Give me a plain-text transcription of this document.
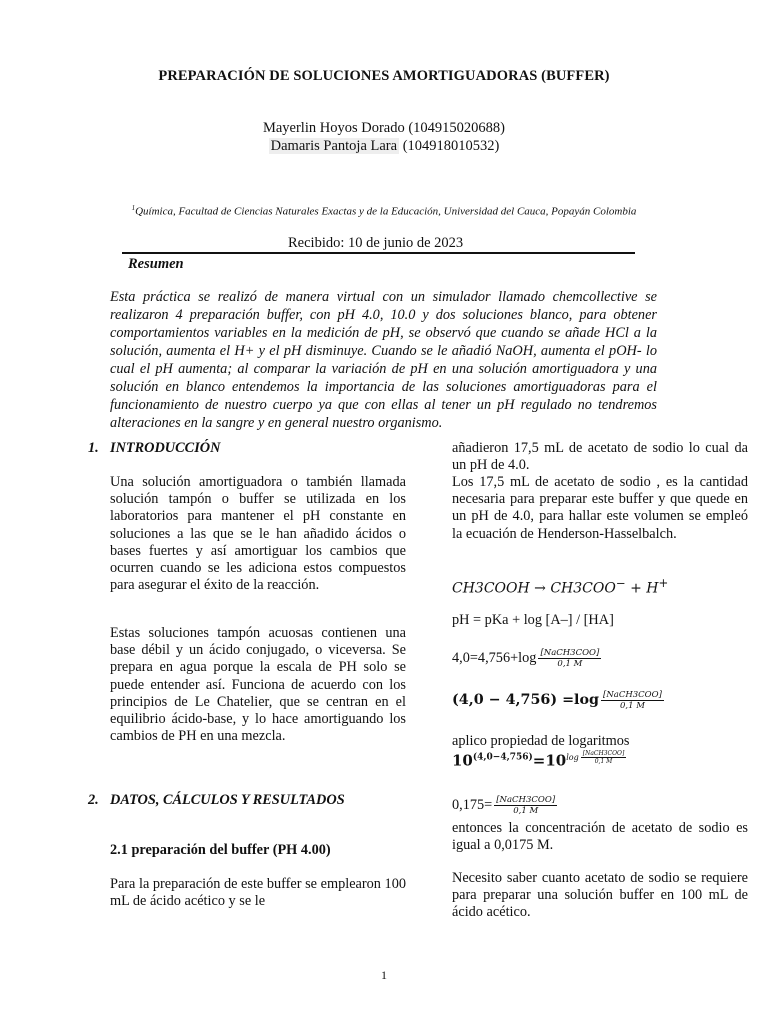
PREPARACIÓN DE SOLUCIONES AMORTIGUADORAS (BUFFER)
Mayerlin Hoyos Dorado (104915020688)
Damaris Pantoja Lara (104918010532)
$^1$Química, Facultad de Ciencias Naturales Exactas y de la Educación, Universidad del Cauca, Popayán Colombia
Recibido: 10 de junio de 2023
Resumen
Esta práctica se realizó de manera virtual con un simulador llamado chemcollective se realizaron 4 preparación buffer, con pH 4.0, 10.0 y dos soluciones blanco, para obtener comportamientos variables en la medición de pH, se observó que cuando se añade HCl a la solución, aumenta el H+ y el pH disminuye. Cuando se le añadió NaOH, aumenta el pOH- lo cual el pH aumenta; al comparar la variación de pH en una solución amortiguadora y una solución en blanco entendemos la importancia de las soluciones amortiguadoras para el funcionamiento de nuestro cuerpo ya que con ellas al tener un pH regulado no tendremos alteraciones en la sangre y en general nuestro organismo.
1. INTRODUCCIÓN
Una solución amortiguadora o también llamada solución tampón o buffer se utilizada en los laboratorios para mantener el pH constante en soluciones a las que se le han añadido ácidos o bases fuertes y así amortiguar los cambios que ocurren cuando se les adiciona estos compuestos para asegurar el éxito de la reacción.
Estas soluciones tampón acuosas contienen una base débil y un ácido conjugado, o viceversa. Se prepara en agua porque la escala de PH solo se puede entender así. Funciona de acuerdo con los principios de Le Chatelier, que se centran en el equilibrio ácido-base, y lo hace amortiguando los cambios de PH en una mezcla.
2. DATOS, CÁLCULOS Y RESULTADOS
2.1 preparación del buffer (PH 4.00)
Para la preparación de este buffer se emplearon 100 mL de ácido acético y se le
añadieron 17,5 mL de acetato de sodio lo cual da un pH de 4.0.
Los 17,5 mL de acetato de sodio , es la cantidad necesaria para preparar este buffer y que quede en un pH de 4.0, para hallar este volumen se empleó la ecuación de Henderson-Hasselbalch.
CH3COOH → CH3COO− + H+
pH = pKa + log [A–] / [HA]
$4,0=4,756+\log \frac{\text{[NaCH3COO]}}{0,1 M}$
$(4,0 - 4,756) =\log \frac{\text{[NaCH3COO]}}{0,1 M}$
aplico propiedad de logaritmos
$10^{(4,0-4,756)}=10^{log \frac{\text{[NaCH3COO]}}{0,1 M}}$
$0,175= \frac{\text{[NaCH3COO]}}{0,1 M}$
entonces la concentración de acetato de sodio es igual a 0,0175 M.
Necesito saber cuanto acetato de sodio se requiere para preparar una solución buffer en 100 mL de ácido acético.
1
